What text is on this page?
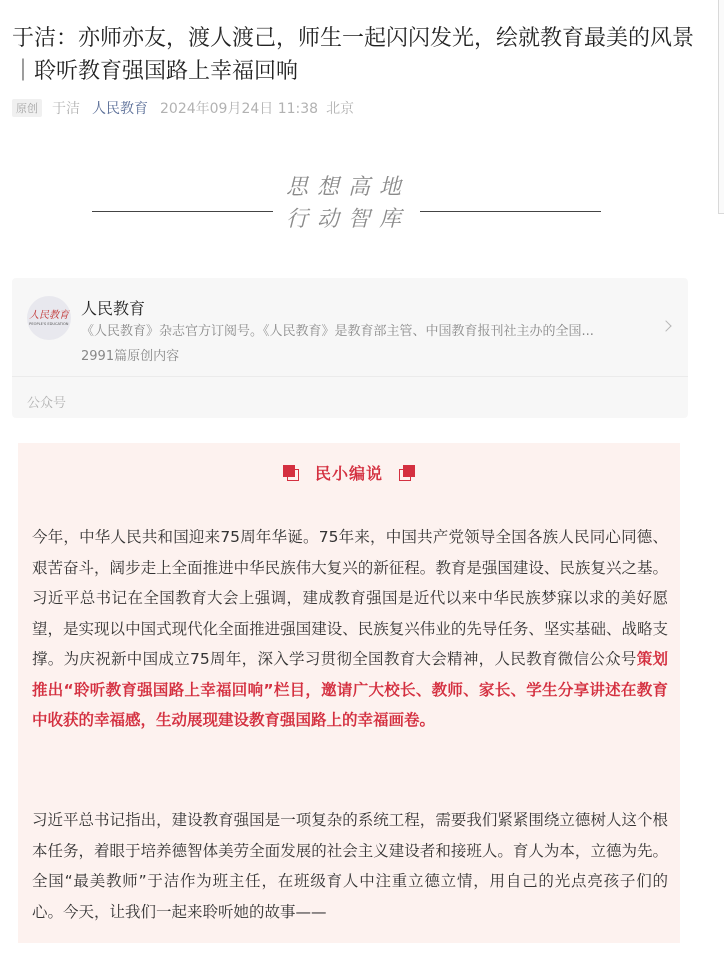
于洁：亦师亦友，渡人渡己，师生一起闪闪发光，绘就教育最美的风景｜聆听教育强国路上幸福回响
原创 于洁 人民教育 2024年09月24日 11:38 北京
思想高地
行动智库
人民教育
PEOPLE'S EDUCATION
人民教育
《人民教育》杂志官方订阅号。《人民教育》是教育部主管、中国教育报刊社主办的全国...
2991篇原创内容
公众号
民小编说

今年，中华人民共和国迎来75周年华诞。75年来，中国共产党领导全国各族人民同心同德、艰苦奋斗，阔步走上全面推进中华民族伟大复兴的新征程。教育是强国建设、民族复兴之基。习近平总书记在全国教育大会上强调，建成教育强国是近代以来中华民族梦寐以求的美好愿望，是实现以中国式现代化全面推进强国建设、民族复兴伟业的先导任务、坚实基础、战略支撑。为庆祝新中国成立75周年，深入学习贯彻全国教育大会精神，人民教育微信公众号策划推出“聆听教育强国路上幸福回响”栏目，邀请广大校长、教师、家长、学生分享讲述在教育中收获的幸福感，生动展现建设教育强国路上的幸福画卷。

习近平总书记指出，建设教育强国是一项复杂的系统工程，需要我们紧紧围绕立德树人这个根本任务，着眼于培养德智体美劳全面发展的社会主义建设者和接班人。育人为本，立德为先。全国“最美教师”于洁作为班主任，在班级育人中注重立德立情，用自己的光点亮孩子们的心。今天，让我们一起来聆听她的故事——
